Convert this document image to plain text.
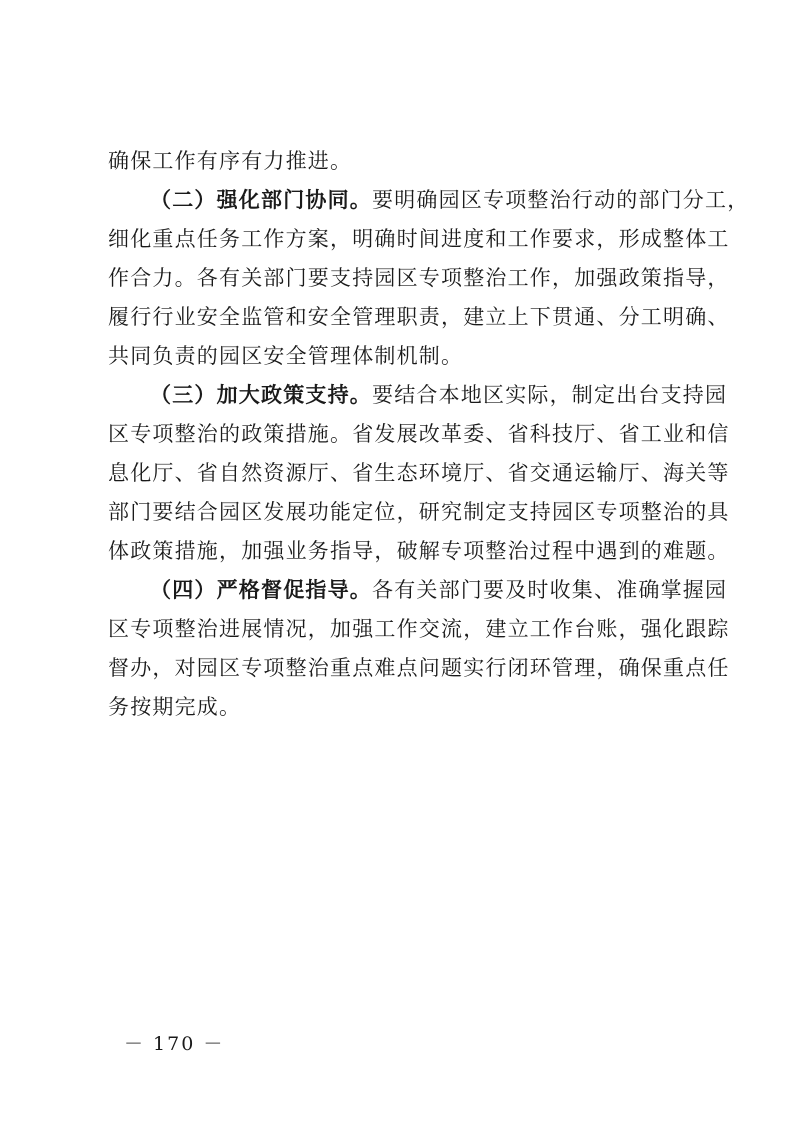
确保工作有序有力推进。
（二）强化部门协同。要明确园区专项整治行动的部门分工，
细化重点任务工作方案，明确时间进度和工作要求，形成整体工
作合力。各有关部门要支持园区专项整治工作，加强政策指导，
履行行业安全监管和安全管理职责，建立上下贯通、分工明确、
共同负责的园区安全管理体制机制。
（三）加大政策支持。要结合本地区实际，制定出台支持园
区专项整治的政策措施。省发展改革委、省科技厅、省工业和信
息化厅、省自然资源厅、省生态环境厅、省交通运输厅、海关等
部门要结合园区发展功能定位，研究制定支持园区专项整治的具
体政策措施，加强业务指导，破解专项整治过程中遇到的难题。
（四）严格督促指导。各有关部门要及时收集、准确掌握园
区专项整治进展情况，加强工作交流，建立工作台账，强化跟踪
督办，对园区专项整治重点难点问题实行闭环管理，确保重点任
务按期完成。
－ 170 －
